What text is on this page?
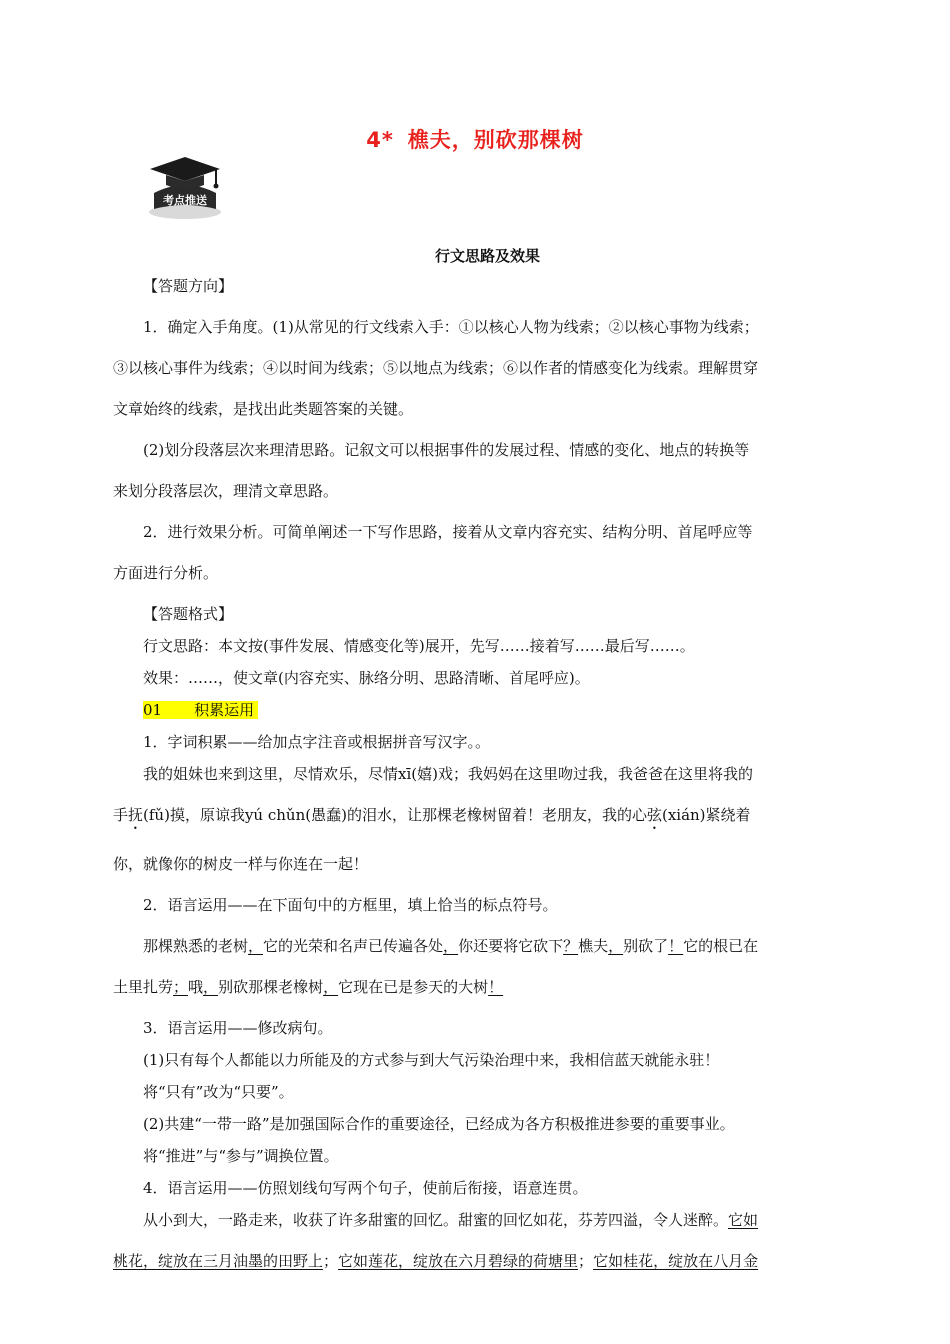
4* 樵夫，别砍那棵树
考点推送
行文思路及效果

【答题方向】

1．确定入手角度。(1)从常见的行文线索入手：①以核心人物为线索；②以核心事物为线索；

③以核心事件为线索；④以时间为线索；⑤以地点为线索；⑥以作者的情感变化为线索。理解贯穿

文章始终的线索，是找出此类题答案的关键。

(2)划分段落层次来理清思路。记叙文可以根据事件的发展过程、情感的变化、地点的转换等

来划分段落层次，理清文章思路。

2．进行效果分析。可简单阐述一下写作思路，接着从文章内容充实、结构分明、首尾呼应等

方面进行分析。

【答题格式】

行文思路：本文按(事件发展、情感变化等)展开，先写……接着写……最后写……。

效果：……，使文章(内容充实、脉络分明、思路清晰、首尾呼应)。

01 积累运用

1．字词积累——给加点字注音或根据拼音写汉字。。

我的姐妹也来到这里，尽情欢乐，尽情xī(嬉)戏；我妈妈在这里吻过我，我爸爸在这里将我的

手抚(fǔ)摸，原谅我yú chǔn(愚蠢)的泪水，让那棵老橡树留着！老朋友，我的心弦(xián)紧绕着

你，就像你的树皮一样与你连在一起！

2．语言运用——在下面句中的方框里，填上恰当的标点符号。

那棵熟悉的老树，它的光荣和名声已传遍各处，你还要将它砍下？樵夫，别砍了！它的根已在

土里扎劳；哦，别砍那棵老橡树，它现在已是参天的大树！

3．语言运用——修改病句。

(1)只有每个人都能以力所能及的方式参与到大气污染治理中来，我相信蓝天就能永驻！

将“只有”改为“只要”。

(2)共建“一带一路”是加强国际合作的重要途径，已经成为各方积极推进参要的重要事业。

将“推进”与“参与”调换位置。

4．语言运用——仿照划线句写两个句子，使前后衔接，语意连贯。

从小到大，一路走来，收获了许多甜蜜的回忆。甜蜜的回忆如花，芬芳四溢，令人迷醉。它如

桃花，绽放在三月油墨的田野上；它如莲花，绽放在六月碧绿的荷塘里；它如桂花，绽放在八月金
